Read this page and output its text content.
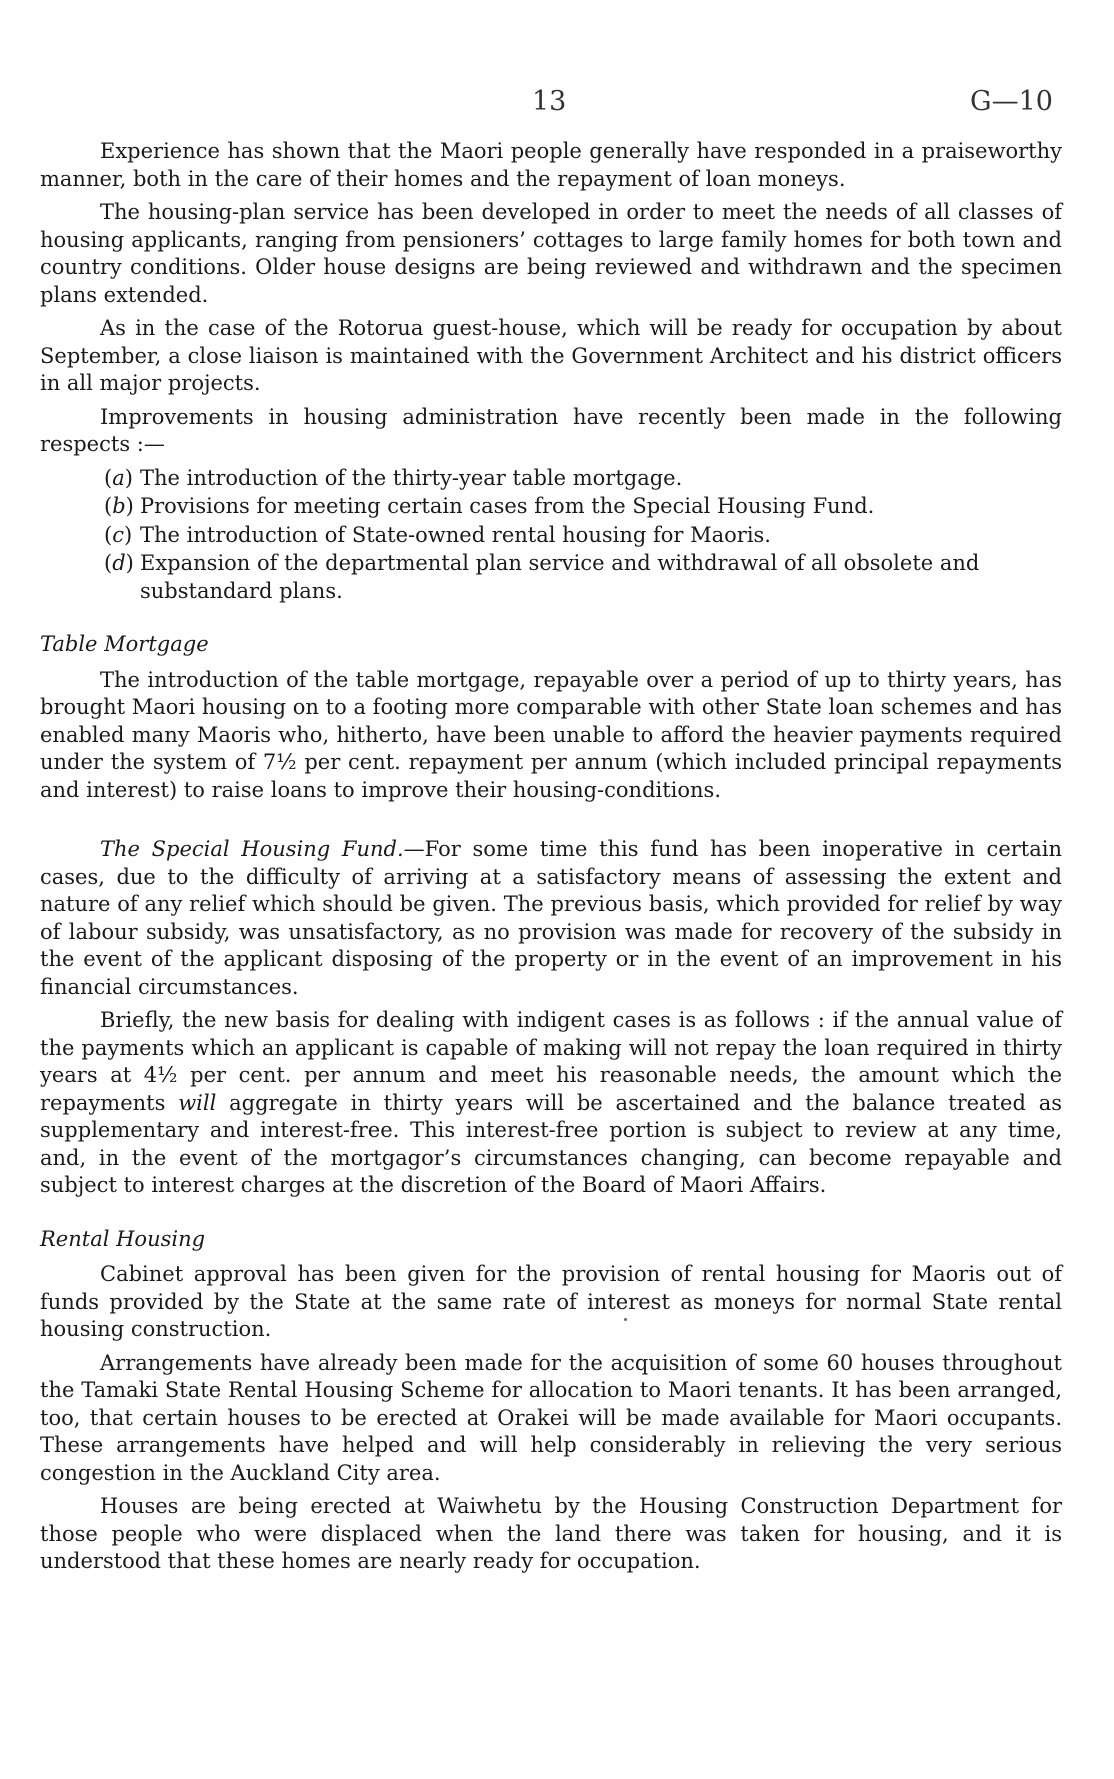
13	G—10

Experience has shown that the Maori people generally have responded in a praiseworthy manner, both in the care of their homes and the repayment of loan moneys.

The housing-plan service has been developed in order to meet the needs of all classes of housing applicants, ranging from pensioners’ cottages to large family homes for both town and country conditions. Older house designs are being reviewed and withdrawn and the specimen plans extended.

As in the case of the Rotorua guest-house, which will be ready for occupation by about September, a close liaison is maintained with the Government Architect and his district officers in all major projects.

Improvements in housing administration have recently been made in the following respects :—

(a) The introduction of the thirty-year table mortgage.
(b) Provisions for meeting certain cases from the Special Housing Fund.
(c) The introduction of State-owned rental housing for Maoris.
(d) Expansion of the departmental plan service and withdrawal of all obsolete and substandard plans.
Table Mortgage

The introduction of the table mortgage, repayable over a period of up to thirty years, has brought Maori housing on to a footing more comparable with other State loan schemes and has enabled many Maoris who, hitherto, have been unable to afford the heavier payments required under the system of 7½ per cent. repayment per annum (which included principal repayments and interest) to raise loans to improve their housing-conditions.

The Special Housing Fund.—For some time this fund has been inoperative in certain cases, due to the difficulty of arriving at a satisfactory means of assessing the extent and nature of any relief which should be given. The previous basis, which provided for relief by way of labour subsidy, was unsatisfactory, as no provision was made for recovery of the subsidy in the event of the applicant disposing of the property or in the event of an improvement in his financial circumstances.

Briefly, the new basis for dealing with indigent cases is as follows : if the annual value of the payments which an applicant is capable of making will not repay the loan required in thirty years at 4½ per cent. per annum and meet his reasonable needs, the amount which the repayments will aggregate in thirty years will be ascertained and the balance treated as supplementary and interest-free. This interest-free portion is subject to review at any time, and, in the event of the mortgagor’s circumstances changing, can become repayable and subject to interest charges at the discretion of the Board of Maori Affairs.

Rental Housing

Cabinet approval has been given for the provision of rental housing for Maoris out of funds provided by the State at the same rate of interest as moneys for normal State rental housing construction.

Arrangements have already been made for the acquisition of some 60 houses throughout the Tamaki State Rental Housing Scheme for allocation to Maori tenants. It has been arranged, too, that certain houses to be erected at Orakei will be made available for Maori occupants. These arrangements have helped and will help considerably in relieving the very serious congestion in the Auckland City area.

Houses are being erected at Waiwhetu by the Housing Construction Department for those people who were displaced when the land there was taken for housing, and it is understood that these homes are nearly ready for occupation.
